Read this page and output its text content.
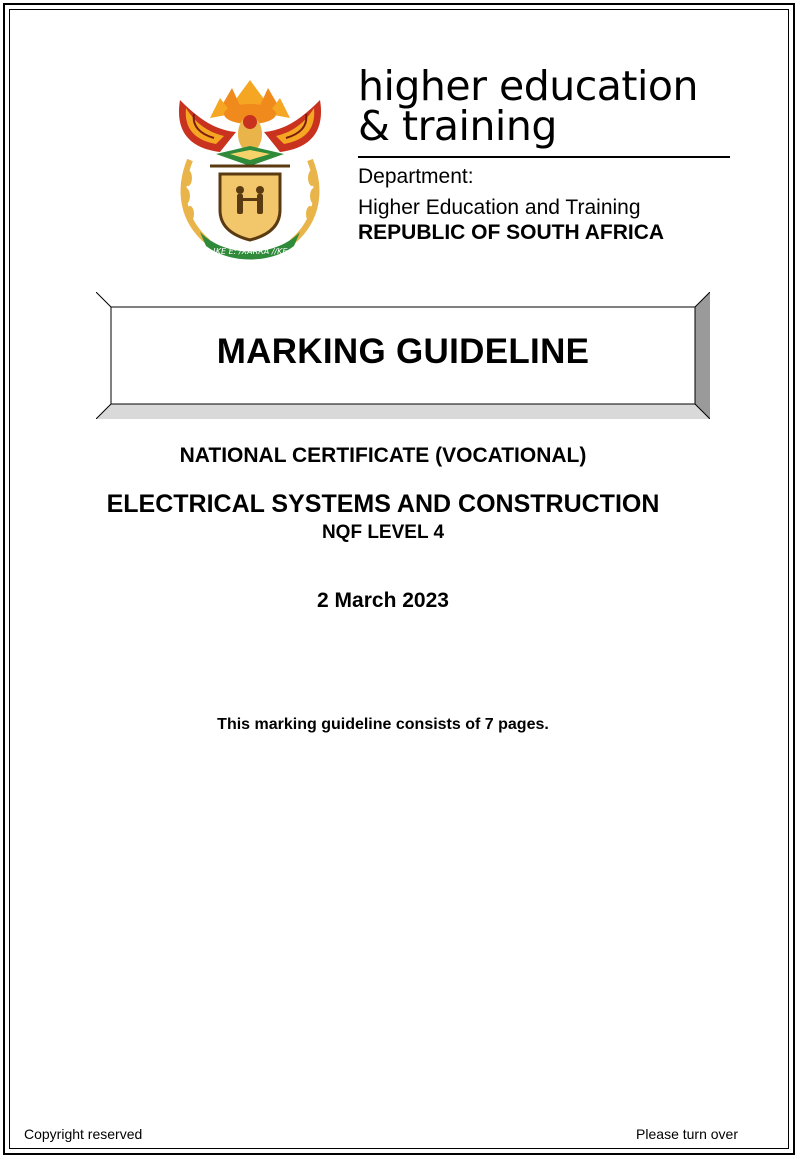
!KE E: /XARRA //KE
higher education
& training
Department:
Higher Education and Training
REPUBLIC OF SOUTH AFRICA
MARKING GUIDELINE
NATIONAL CERTIFICATE (VOCATIONAL)
ELECTRICAL SYSTEMS AND CONSTRUCTION
NQF LEVEL 4
2 March 2023
This marking guideline consists of 7 pages.
Copyright reserved	Please turn over
